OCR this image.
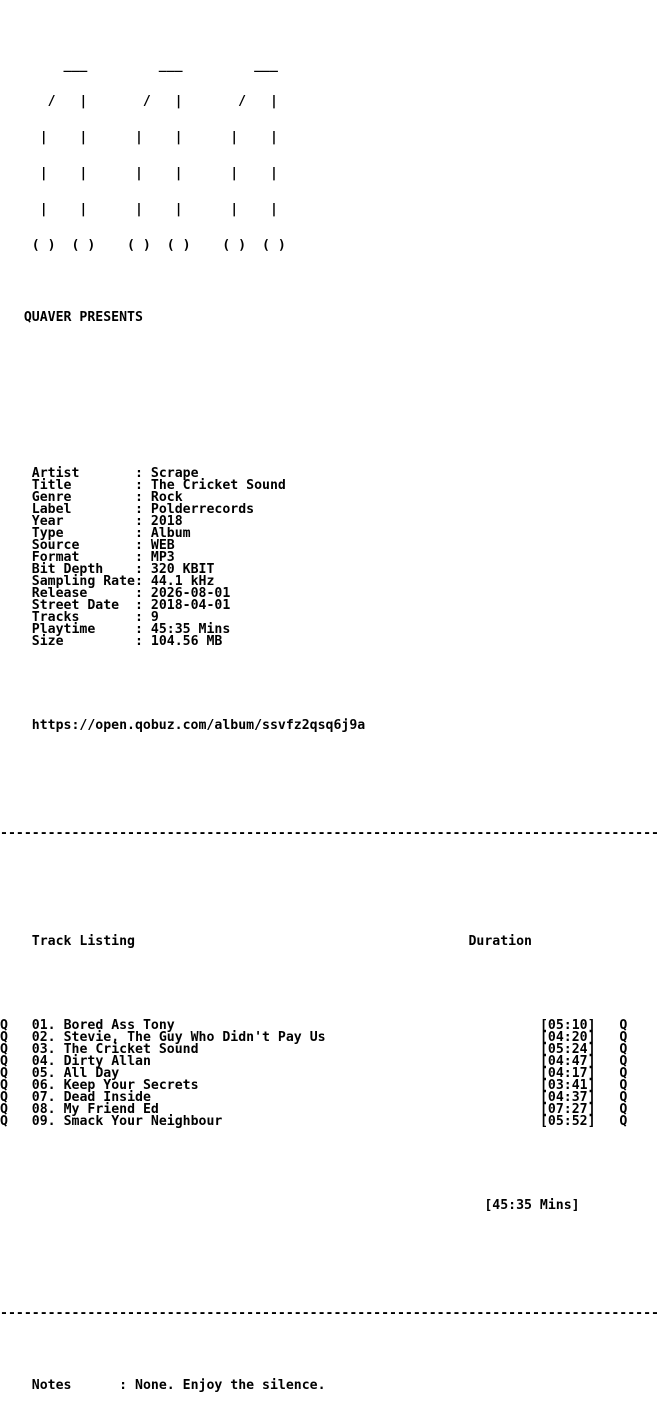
___         ___         ___

/   |       /   |       /   |

|    |      |    |      |    |

|    |      |    |      |    |

|    |      |    |      |    |

( )  ( )    ( )  ( )    ( )  ( )

QUAVER PRESENTS

Artist       : Scrape
Title        : The Cricket Sound
Genre        : Rock
Label        : Polderrecords
Year         : 2018
Type         : Album
Source       : WEB
Format       : MP3
Bit Depth    : 320 KBIT
Sampling Rate: 44.1 kHz
Release      : 2026-08-01
Street Date  : 2018-04-01
Tracks       : 9
Playtime     : 45:35 Mins
Size         : 104.56 MB

https://open.qobuz.com/album/ssvfz2qsq6j9a

-----------------------------------------------------------------------------------

Track Listing	Duration

Q 01. Bored Ass Tony	[05:10] Q
Q 02. Stevie, The Guy Who Didn't Pay Us	[04:20] Q
Q 03. The Cricket Sound	[05:24] Q
Q 04. Dirty Allan	[04:47] Q
Q 05. All Day	[04:17] Q
Q 06. Keep Your Secrets	[03:41] Q
Q 07. Dead Inside	[04:37] Q
Q 08. My Friend Ed	[07:27] Q
Q 09. Smack Your Neighbour	[05:52] Q

[45:35 Mins]

-----------------------------------------------------------------------------------

Notes      : None. Enjoy the silence.
